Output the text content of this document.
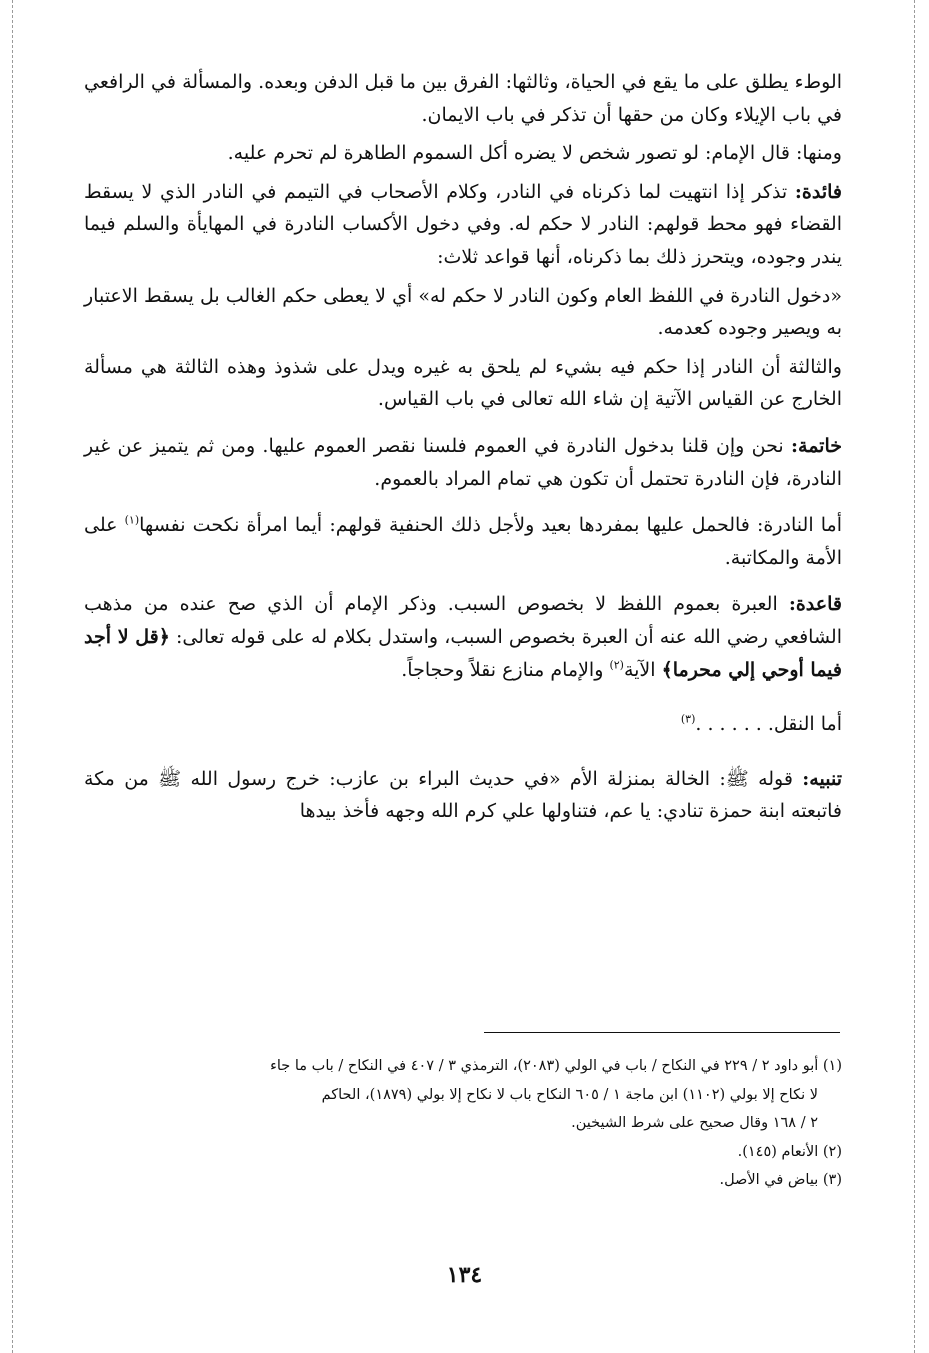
الوطء يطلق على ما يقع في الحياة، وثالثها: الفرق بين ما قبل الدفن وبعده. والمسألة في الرافعي في باب الإيلاء وكان من حقها أن تذكر في باب الايمان.

ومنها: قال الإمام: لو تصور شخص لا يضره أكل السموم الطاهرة لم تحرم عليه.

فائدة: تذكر إذا انتهيت لما ذكرناه في النادر، وكلام الأصحاب في التيمم في النادر الذي لا يسقط القضاء فهو محط قولهم: النادر لا حكم له. وفي دخول الأكساب النادرة في المهايأة والسلم فيما يندر وجوده، ويتحرز ذلك بما ذكرناه، أنها قواعد ثلاث:

«دخول النادرة في اللفظ العام وكون النادر لا حكم له» أي لا يعطى حكم الغالب بل يسقط الاعتبار به ويصير وجوده كعدمه.

والثالثة أن النادر إذا حكم فيه بشيء لم يلحق به غيره ويدل على شذوذ وهذه الثالثة هي مسألة الخارج عن القياس الآتية إن شاء الله تعالى في باب القياس.

خاتمة: نحن وإن قلنا بدخول النادرة في العموم فلسنا نقصر العموم عليها. ومن ثم يتميز عن غير النادرة، فإن النادرة تحتمل أن تكون هي تمام المراد بالعموم.

أما النادرة: فالحمل عليها بمفردها بعيد ولأجل ذلك الحنفية قولهم: أيما امرأة نكحت نفسها$^{(١)}$ على الأمة والمكاتبة.

قاعدة: العبرة بعموم اللفظ لا بخصوص السبب. وذكر الإمام أن الذي صح عنده من مذهب الشافعي رضي الله عنه أن العبرة بخصوص السبب، واستدل بكلام له على قوله تعالى: ﴿قل لا أجد فيما أوحي إلي محرما﴾ الآية$^{(٢)}$ والإمام منازع نقلاً وحجاجاً.

أما النقل. . . . . . .$^{(٣)}$

تنبيه: قوله ﷺ: الخالة بمنزلة الأم «في حديث البراء بن عازب: خرج رسول الله ﷺ من مكة فاتبعته ابنة حمزة تنادي: يا عم، فتناولها علي كرم الله وجهه فأخذ بيدها

(١) أبو داود ٢ / ٢٢٩ في النكاح / باب في الولي (٢٠٨٣)، الترمذي ٣ / ٤٠٧ في النكاح / باب ما جاء

لا نكاح إلا بولي (١١٠٢) ابن ماجة ١ / ٦٠٥ النكاح باب لا نكاح إلا بولي (١٨٧٩)، الحاكم

٢ / ١٦٨ وقال صحيح على شرط الشيخين.

(٢) الأنعام (١٤٥).

(٣) بياض في الأصل.

١٣٤
